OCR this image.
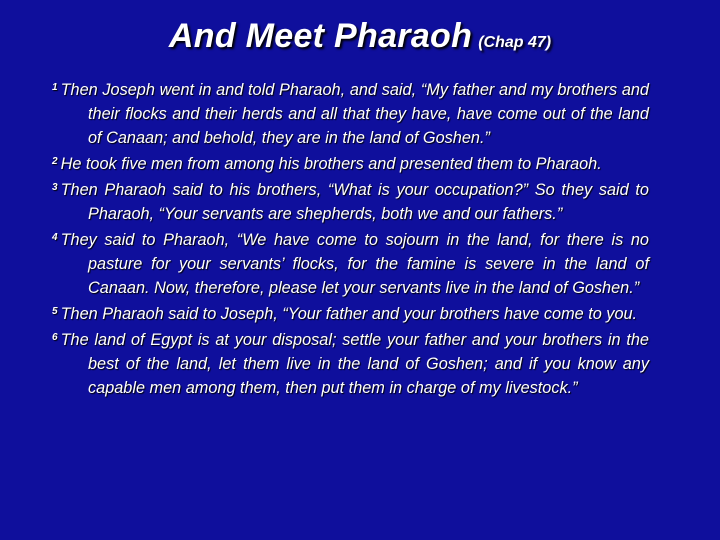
And Meet Pharaoh (Chap 47)
$^1$ Then Joseph went in and told Pharaoh, and said, “My father and my brothers and their flocks and their herds and all that they have, have come out of the land of Canaan; and behold, they are in the land of Goshen.”
$^2$ He took five men from among his brothers and presented them to Pharaoh.
$^3$ Then Pharaoh said to his brothers, “What is your occupation?” So they said to Pharaoh, “Your servants are shepherds, both we and our fathers.”
$^4$ They said to Pharaoh, “We have come to sojourn in the land, for there is no pasture for your servants’ flocks, for the famine is severe in the land of Canaan. Now, therefore, please let your servants live in the land of Goshen.”
$^5$ Then Pharaoh said to Joseph, “Your father and your brothers have come to you.
$^6$ The land of Egypt is at your disposal; settle your father and your brothers in the best of the land, let them live in the land of Goshen; and if you know any capable men among them, then put them in charge of my livestock.”
